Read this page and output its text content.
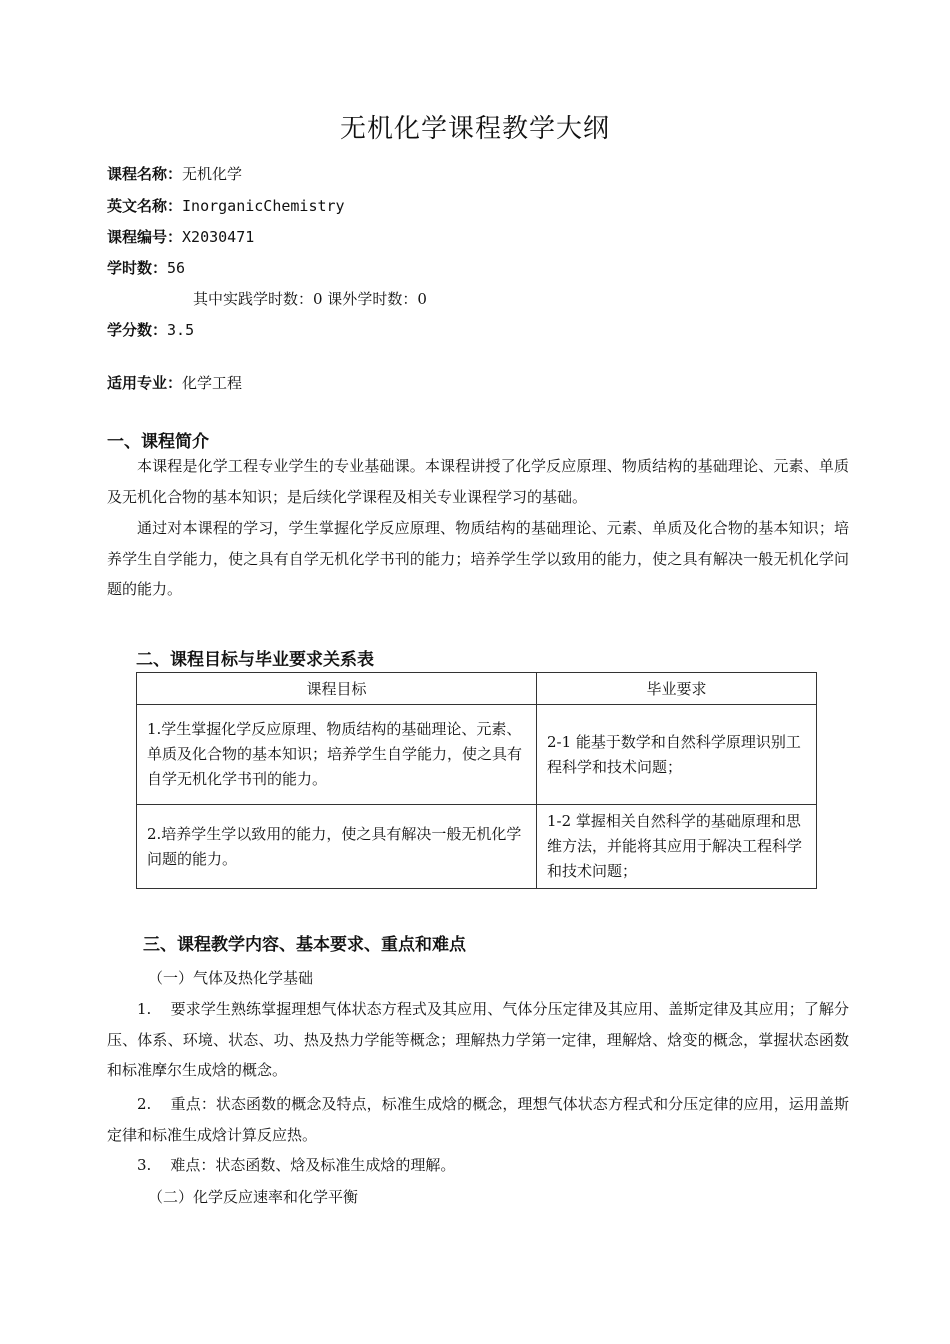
无机化学课程教学大纲
课程名称：无机化学
英文名称：InorganicChemistry
课程编号：X2030471
学时数：56
其中实践学时数：0 课外学时数：0
学分数：3.5
适用专业：化学工程
一、课程简介

本课程是化学工程专业学生的专业基础课。本课程讲授了化学反应原理、物质结构的基础理论、元素、单质及无机化合物的基本知识；是后续化学课程及相关专业课程学习的基础。

通过对本课程的学习，学生掌握化学反应原理、物质结构的基础理论、元素、单质及化合物的基本知识；培养学生自学能力，使之具有自学无机化学书刊的能力；培养学生学以致用的能力，使之具有解决一般无机化学问题的能力。

二、课程目标与毕业要求关系表
课程目标	毕业要求
1.学生掌握化学反应原理、物质结构的基础理论、元素、单质及化合物的基本知识；培养学生自学能力，使之具有自学无机化学书刊的能力。	2-1 能基于数学和自然科学原理识别工程科学和技术问题；
2.培养学生学以致用的能力，使之具有解决一般无机化学问题的能力。	1-2 掌握相关自然科学的基础原理和思维方法，并能将其应用于解决工程科学和技术问题；
三、课程教学内容、基本要求、重点和难点
（一）气体及热化学基础

1.    要求学生熟练掌握理想气体状态方程式及其应用、气体分压定律及其应用、盖斯定律及其应用；了解分压、体系、环境、状态、功、热及热力学能等概念；理解热力学第一定律，理解焓、焓变的概念，掌握状态函数和标准摩尔生成焓的概念。

2.    重点：状态函数的概念及特点，标准生成焓的概念，理想气体状态方程式和分压定律的应用，运用盖斯定律和标准生成焓计算反应热。

3.    难点：状态函数、焓及标准生成焓的理解。

（二）化学反应速率和化学平衡
